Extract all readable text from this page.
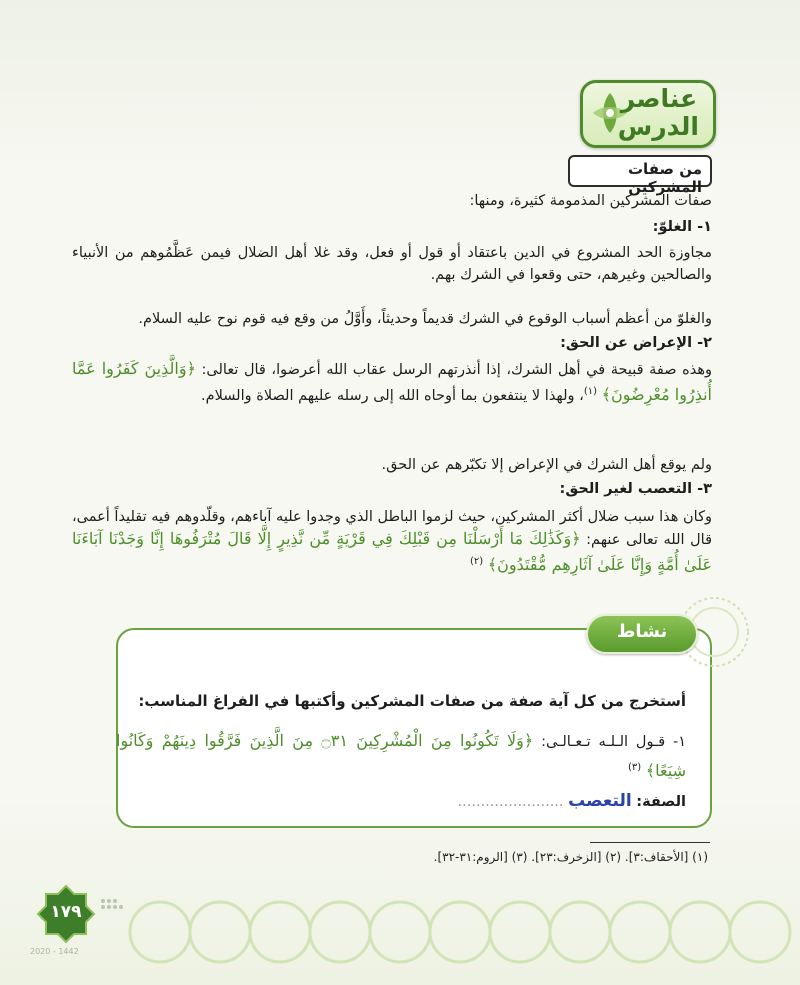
عناصر
الدرس
من صفات المشركين
صفات المشركين المذمومة كثيرة، ومنها:
١- الغلوّ:
مجاوزة الحد المشروع في الدين باعتقاد أو قول أو فعل، وقد غلا أهل الضلال فيمن عَظَّمُوهم من الأنبياء والصالحين وغيرهم، حتى وقعوا في الشرك بهم.
والغلوّ من أعظم أسباب الوقوع في الشرك قديماً وحديثاً، وأَوَّلُ من وقع فيه قوم نوح عليه السلام.
٢- الإعراض عن الحق:
وهذه صفة قبيحة في أهل الشرك، إذا أنذرتهم الرسل عقاب الله أعرضوا، قال تعالى: ﴿وَالَّذِينَ كَفَرُوا عَمَّا أُنذِرُوا مُعْرِضُونَ﴾ $^{(١)}$، ولهذا لا ينتفعون بما أوحاه الله إلى رسله عليهم الصلاة والسلام.
ولم يوقع أهل الشرك في الإعراض إلا تكبّرهم عن الحق.
٣- التعصب لغير الحق:
وكان هذا سبب ضلال أكثر المشركين، حيث لزموا الباطل الذي وجدوا عليه آباءهم، وقلّدوهم فيه تقليداً أعمى، قال الله تعالى عنهم: ﴿وَكَذَٰلِكَ مَا أَرْسَلْنَا مِن قَبْلِكَ فِي قَرْيَةٍ مِّن نَّذِيرٍ إِلَّا قَالَ مُتْرَفُوهَا إِنَّا وَجَدْنَا آبَاءَنَا عَلَىٰ أُمَّةٍ وَإِنَّا عَلَىٰ آثَارِهِم مُّقْتَدُونَ﴾ $^{(٢)}$
نشاط
أستخرج من كل آية صفة من صفات المشركين وأكتبها في الفراغ المناسب:
١- قـول الـلـه تـعـالـى: ﴿وَلَا تَكُونُوا مِنَ الْمُشْرِكِينَ ۝٣١ مِنَ الَّذِينَ فَرَّقُوا دِينَهُمْ وَكَانُوا شِيَعًا﴾ $^{(٣)}$
الصفة: التعصب .......................
(١) [الأحقاف:٣]. (٢) [الزخرف:٢٣]. (٣) [الروم:٣١-٣٢].
١٧٩
2020 - 1442
